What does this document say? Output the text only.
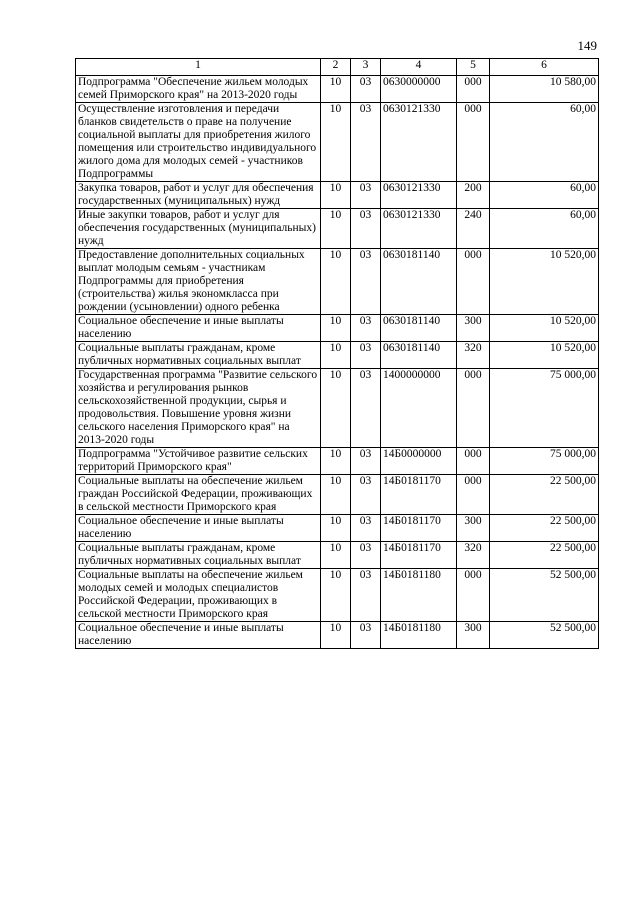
149
1	2	3	4	5	6
Подпрограмма "Обеспечение жильем молодых семей Приморского края" на 2013-2020 годы	10	03	0630000000	000	10 580,00
Осуществление изготовления и передачи бланков свидетельств о праве на получение социальной выплаты для приобретения жилого помещения или строительство индивидуального жилого дома для молодых семей - участников Подпрограммы	10	03	0630121330	000	60,00
Закупка товаров, работ и услуг для обеспечения государственных (муниципальных) нужд	10	03	0630121330	200	60,00
Иные закупки товаров, работ и услуг для обеспечения государственных (муниципальных) нужд	10	03	0630121330	240	60,00
Предоставление дополнительных социальных выплат молодым семьям - участникам Подпрограммы для приобретения (строительства) жилья экономкласса при рождении (усыновлении) одного ребенка	10	03	0630181140	000	10 520,00
Социальное обеспечение и иные выплаты населению	10	03	0630181140	300	10 520,00
Социальные выплаты гражданам, кроме публичных нормативных социальных выплат	10	03	0630181140	320	10 520,00
Государственная программа "Развитие сельского хозяйства и регулирования рынков сельскохозяйственной продукции, сырья и продовольствия. Повышение уровня жизни сельского населения Приморского края" на 2013-2020 годы	10	03	1400000000	000	75 000,00
Подпрограмма "Устойчивое развитие сельских территорий Приморского края"	10	03	14Б0000000	000	75 000,00
Социальные выплаты на обеспечение жильем граждан Российской Федерации, проживающих в сельской местности Приморского края	10	03	14Б0181170	000	22 500,00
Социальное обеспечение и иные выплаты населению	10	03	14Б0181170	300	22 500,00
Социальные выплаты гражданам, кроме публичных нормативных социальных выплат	10	03	14Б0181170	320	22 500,00
Социальные выплаты на обеспечение жильем молодых семей и молодых специалистов Российской Федерации, проживающих в сельской местности Приморского края	10	03	14Б0181180	000	52 500,00
Социальное обеспечение и иные выплаты населению	10	03	14Б0181180	300	52 500,00
